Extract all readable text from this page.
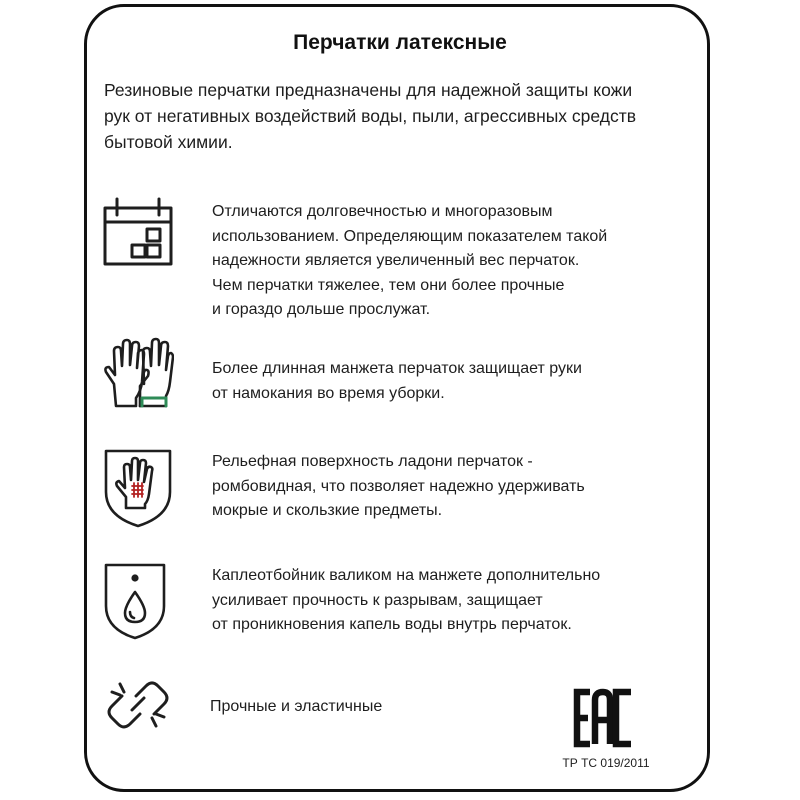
Перчатки латексные

Резиновые перчатки предназначены для надежной защиты кожи
рук от негативных воздействий воды, пыли, агрессивных средств
бытовой химии.

Отличаются долговечностью и многоразовым
использованием. Определяющим показателем такой
надежности является увеличенный вес перчаток.
Чем перчатки тяжелее, тем они более прочные
и гораздо дольше прослужат.

Более длинная манжета перчаток защищает руки
от намокания во время уборки.

Рельефная поверхность ладони перчаток -
ромбовидная, что позволяет надежно удерживать
мокрые и скользкие предметы.

Каплеотбойник валиком на манжете дополнительно
усиливает прочность к разрывам, защищает
от проникновения капель воды внутрь перчаток.

Прочные и эластичные

ТР ТС 019/2011
